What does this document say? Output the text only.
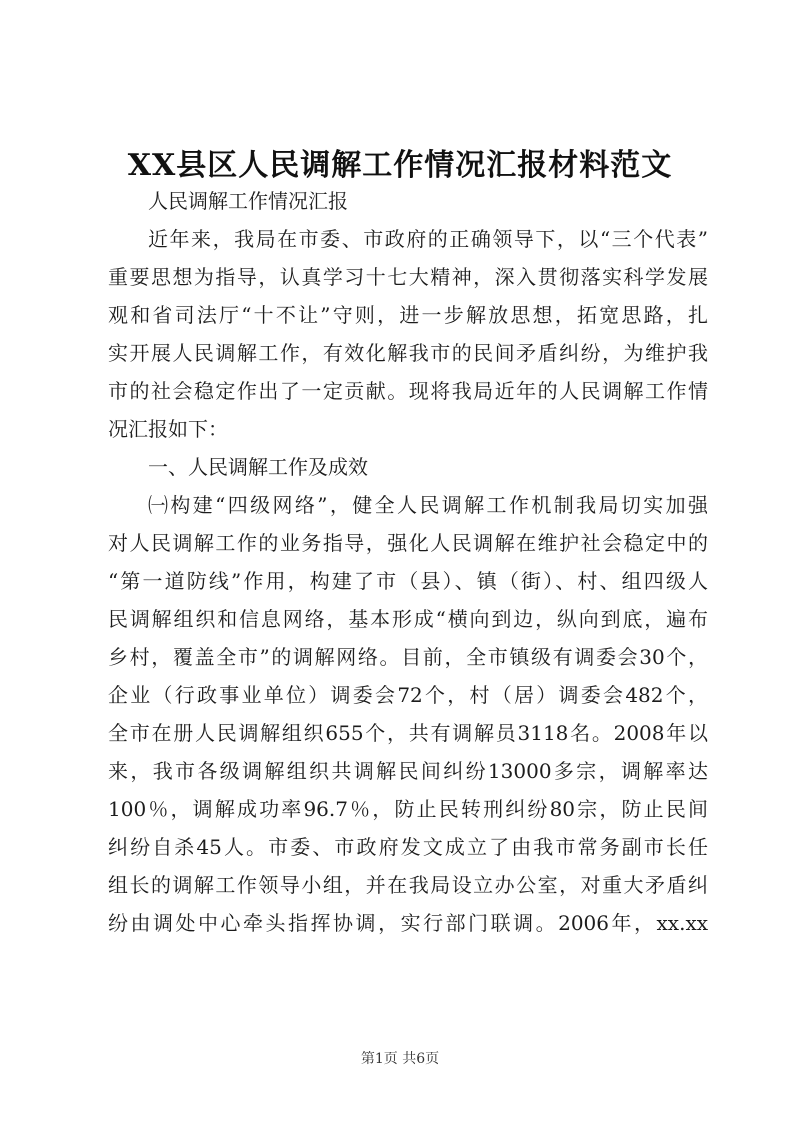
XX县区人民调解工作情况汇报材料范文
人民调解工作情况汇报
近年来，我局在市委、市政府的正确领导下，以“三个代表”
重要思想为指导，认真学习十七大精神，深入贯彻落实科学发展
观和省司法厅“十不让”守则，进一步解放思想，拓宽思路，扎
实开展人民调解工作，有效化解我市的民间矛盾纠纷，为维护我
市的社会稳定作出了一定贡献。现将我局近年的人民调解工作情
况汇报如下：
一、人民调解工作及成效
㈠构建“四级网络”，健全人民调解工作机制我局切实加强
对人民调解工作的业务指导，强化人民调解在维护社会稳定中的
“第一道防线”作用，构建了市（县）、镇（街）、村、组四级人
民调解组织和信息网络，基本形成“横向到边，纵向到底，遍布
乡村，覆盖全市”的调解网络。目前，全市镇级有调委会30个，
企业（行政事业单位）调委会72个，村（居）调委会482个，
全市在册人民调解组织655个，共有调解员3118名。2008年以
来，我市各级调解组织共调解民间纠纷13000多宗，调解率达
100％，调解成功率96.7％，防止民转刑纠纷80宗，防止民间
纠纷自杀45人。市委、市政府发文成立了由我市常务副市长任
组长的调解工作领导小组，并在我局设立办公室，对重大矛盾纠
纷由调处中心牵头指挥协调，实行部门联调。2006年，xx.xx
第1页 共6页
